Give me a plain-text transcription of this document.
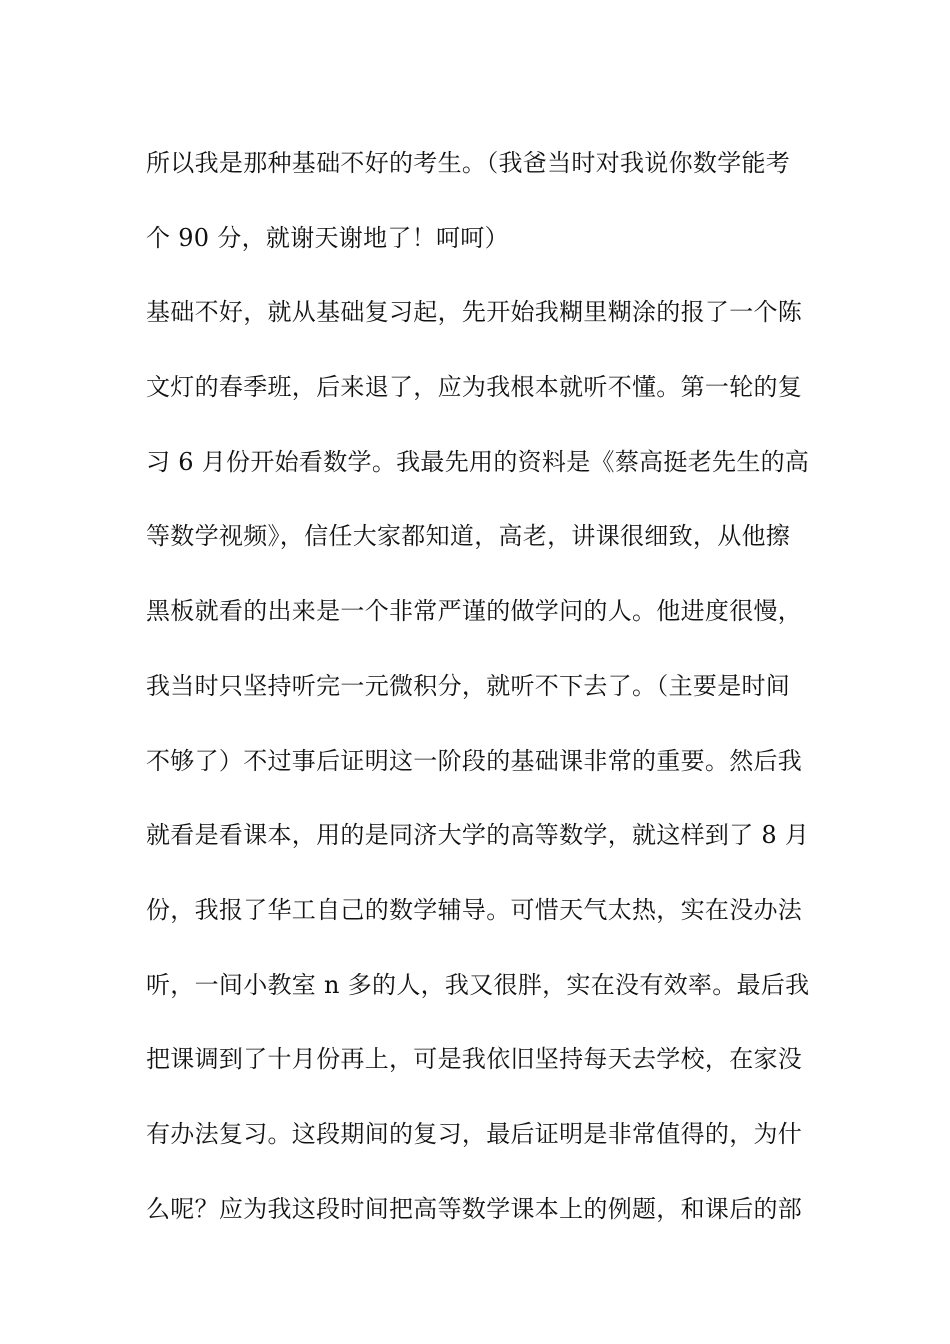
所以我是那种基础不好的考生。（我爸当时对我说你数学能考
个 90 分，就谢天谢地了！呵呵）
基础不好，就从基础复习起，先开始我糊里糊涂的报了一个陈
文灯的春季班，后来退了，应为我根本就听不懂。第一轮的复
习 6 月份开始看数学。我最先用的资料是《蔡高挺老先生的高
等数学视频》，信任大家都知道，高老，讲课很细致，从他擦
黑板就看的出来是一个非常严谨的做学问的人。他进度很慢，
我当时只坚持听完一元微积分，就听不下去了。（主要是时间
不够了）不过事后证明这一阶段的基础课非常的重要。然后我
就看是看课本，用的是同济大学的高等数学，就这样到了 8 月
份，我报了华工自己的数学辅导。可惜天气太热，实在没办法
听，一间小教室 n 多的人，我又很胖，实在没有效率。最后我
把课调到了十月份再上，可是我依旧坚持每天去学校，在家没
有办法复习。这段期间的复习，最后证明是非常值得的，为什
么呢？应为我这段时间把高等数学课本上的例题，和课后的部
